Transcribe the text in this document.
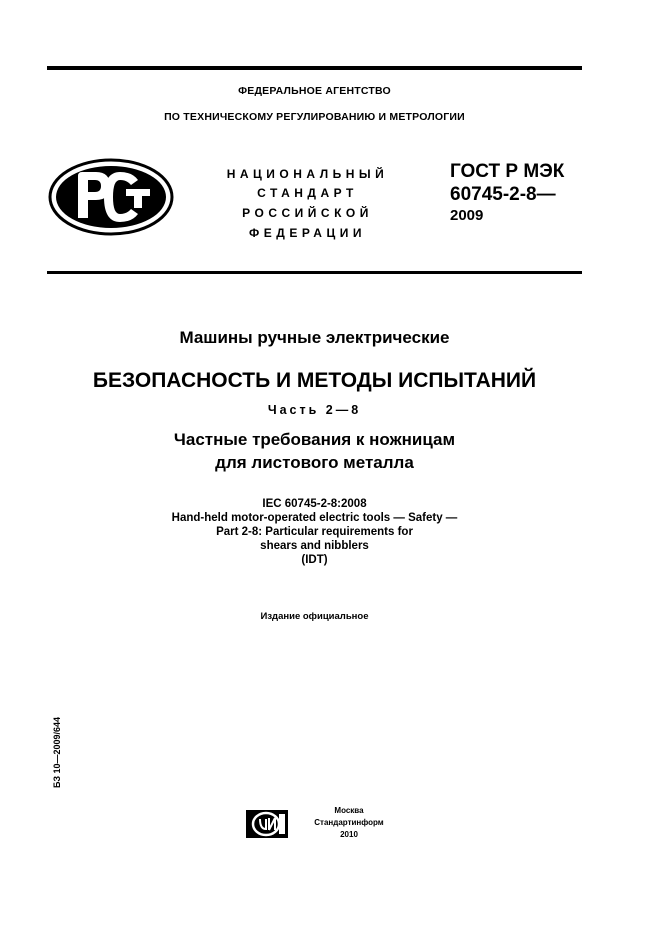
ФЕДЕРАЛЬНОЕ АГЕНТСТВО
ПО ТЕХНИЧЕСКОМУ РЕГУЛИРОВАНИЮ И МЕТРОЛОГИИ
НАЦИОНАЛЬНЫЙ
СТАНДАРТ
РОССИЙСКОЙ
ФЕДЕРАЦИИ
ГОСТ Р МЭК
60745-2-8—
2009
Машины ручные электрические
БЕЗОПАСНОСТЬ И МЕТОДЫ ИСПЫТАНИЙ
Часть 2—8
Частные требования к ножницам
для листового металла
IEC 60745-2-8:2008
Hand-held motor-operated electric tools — Safety —
Part 2-8: Particular requirements for
shears and nibblers
(IDT)
Издание официальное
БЗ 10—2009/644
Москва
Стандартинформ
2010
